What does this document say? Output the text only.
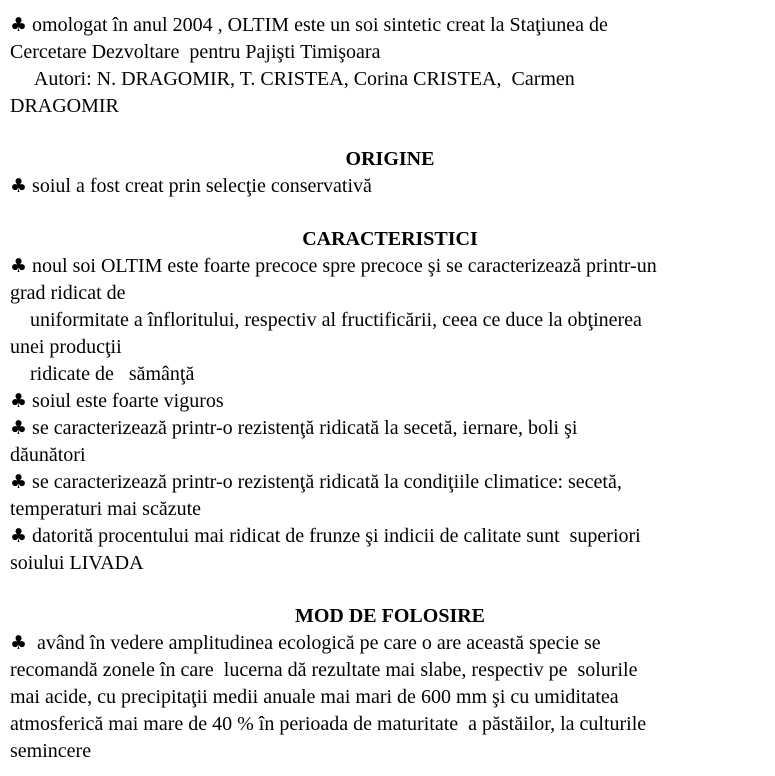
♣ omologat în anul 2004 , OLTIM este un soi sintetic creat la Staţiunea de
Cercetare Dezvoltare  pentru Pajişti Timişoara
Autori: N. DRAGOMIR, T. CRISTEA, Corina CRISTEA,  Carmen
DRAGOMIR
ORIGINE
♣ soiul a fost creat prin selecţie conservativă
CARACTERISTICI
♣ noul soi OLTIM este foarte precoce spre precoce şi se caracterizează printr-un
grad ridicat de
uniformitate a înfloritului, respectiv al fructificării, ceea ce duce la obţinerea
unei producţii
ridicate de   sămânţă
♣ soiul este foarte viguros
♣ se caracterizează printr-o rezistenţă ridicată la secetă, iernare, boli şi
dăunători
♣ se caracterizează printr-o rezistenţă ridicată la condiţiile climatice: secetă,
temperaturi mai scăzute
♣ datorită procentului mai ridicat de frunze şi indicii de calitate sunt  superiori
soiului LIVADA
MOD DE FOLOSIRE
♣  având în vedere amplitudinea ecologică pe care o are această specie se
recomandă zonele în care  lucerna dă rezultate mai slabe, respectiv pe  solurile
mai acide, cu precipitaţii medii anuale mai mari de 600 mm şi cu umiditatea
atmosferică mai mare de 40 % în perioada de maturitate  a păstăilor, la culturile
semincere
